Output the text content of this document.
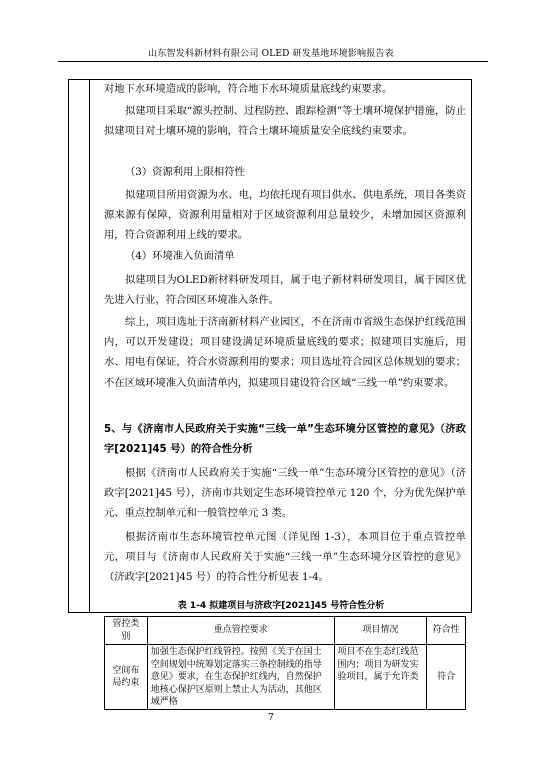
山东智发科新材料有限公司 OLED 研发基地环境影响报告表
对地下水环境造成的影响，符合地下水环境质量底线约束要求。
拟建项目采取“源头控制、过程防控、跟踪检测”等土壤环境保护措施，防止拟建项目对土壤环境的影响，符合土壤环境质量安全底线约束要求。
（3）资源利用上限相符性
拟建项目所用资源为水、电，均依托现有项目供水、供电系统，项目各类资源来源有保障，资源利用量相对于区域资源利用总量较少，未增加园区资源利用，符合资源利用上线的要求。
（4）环境准入负面清单
拟建项目为OLED新材料研发项目，属于电子新材料研发项目，属于园区优先进入行业，符合园区环境准入条件。
综上，项目选址于济南新材料产业园区，不在济南市省级生态保护红线范围内，可以开发建设；项目建设满足环境质量底线的要求；拟建项目实施后，用水、用电有保证，符合水资源利用的要求；项目选址符合园区总体规划的要求；不在区域环境准入负面清单内，拟建项目建设符合区域“三线一单”约束要求。
5、与《济南市人民政府关于实施“三线一单”生态环境分区管控的意见》（济政字[2021]45 号）的符合性分析
根据《济南市人民政府关于实施“三线一单”生态环境分区管控的意见》（济政字[2021]45 号），济南市共划定生态环境管控单元 120 个，分为优先保护单元、重点控制单元和一般管控单元 3 类。
根据济南市生态环境管控单元图（详见图 1-3），本项目位于重点管控单元，项目与《济南市人民政府关于实施“三线一单”生态环境分区管控的意见》（济政字[2021]45 号）的符合性分析见表 1-4。
表 1-4 拟建项目与济政字[2021]45 号符合性分析
管控类别	重点管控要求	项目情况	符合性
空间布局约束	加强生态保护红线管控。按照《关于在国土空间规划中统筹划定落实三条控制线的指导意见》要求，在生态保护红线内，自然保护地核心保护区原则上禁止人为活动，其他区域严格	项目不在生态红线范围内；项目为研发实验项目，属于允许类	符合
7
